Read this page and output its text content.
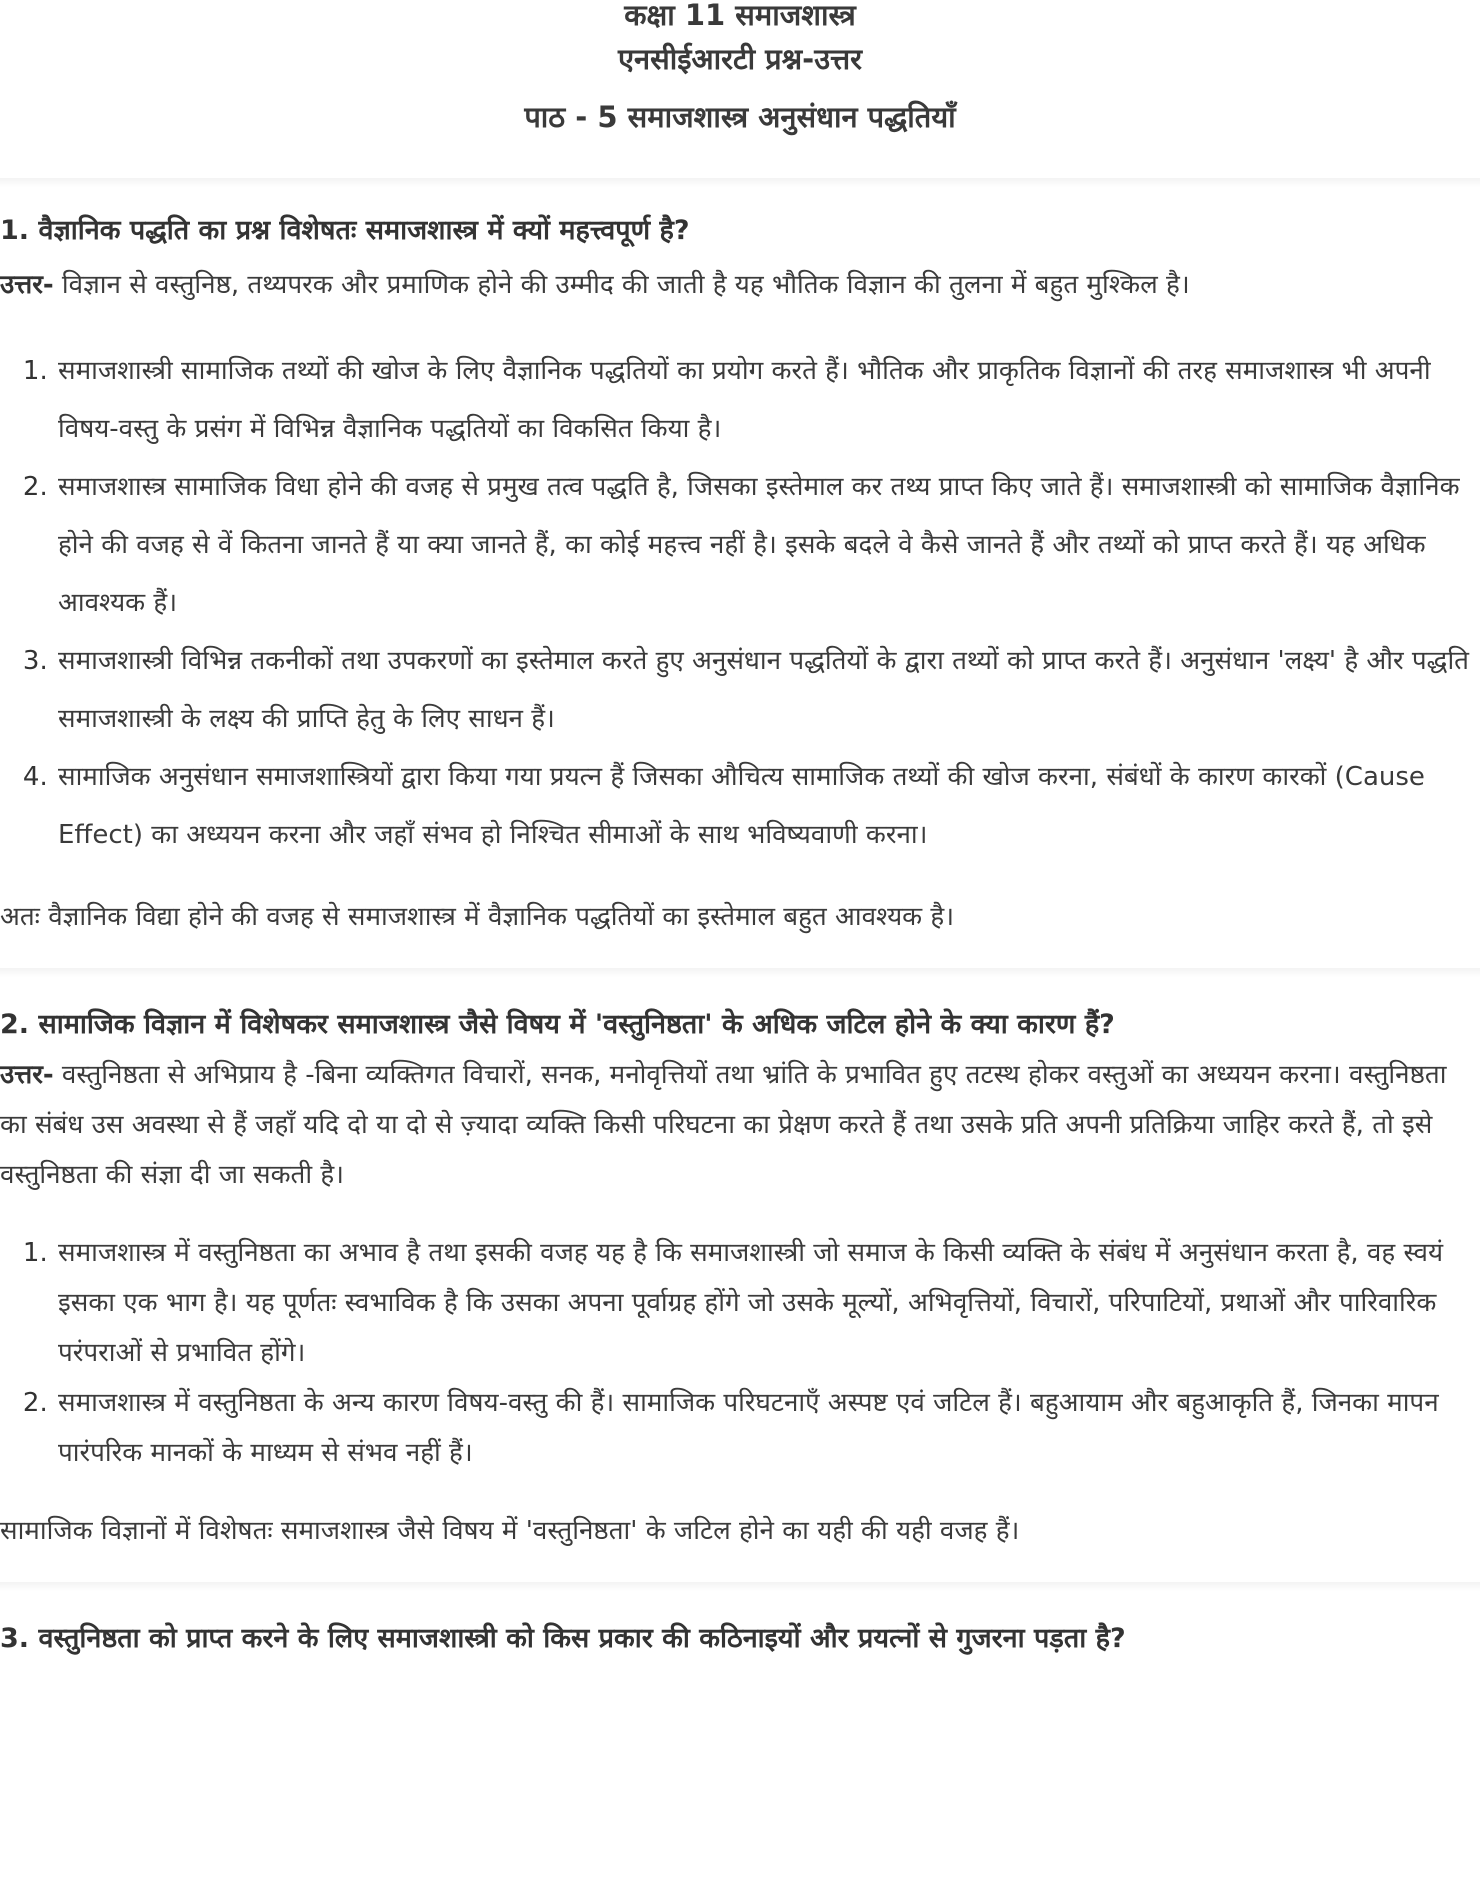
कक्षा 11 समाजशास्त्र
एनसीईआरटी प्रश्न-उत्तर
पाठ - 5 समाजशास्त्र अनुसंधान पद्धतियाँ

1. वैज्ञानिक पद्धति का प्रश्न विशेषतः समाजशास्त्र में क्यों महत्त्वपूर्ण है?

उत्तर- विज्ञान से वस्तुनिष्ठ, तथ्यपरक और प्रमाणिक होने की उम्मीद की जाती है यह भौतिक विज्ञान की तुलना में बहुत मुश्किल है।

1. समाजशास्त्री सामाजिक तथ्यों की खोज के लिए वैज्ञानिक पद्धतियों का प्रयोग करते हैं। भौतिक और प्राकृतिक विज्ञानों की तरह समाजशास्त्र भी अपनी विषय-वस्तु के प्रसंग में विभिन्न वैज्ञानिक पद्धतियों का विकसित किया है।
2. समाजशास्त्र सामाजिक विधा होने की वजह से प्रमुख तत्व पद्धति है, जिसका इस्तेमाल कर तथ्य प्राप्त किए जाते हैं। समाजशास्त्री को सामाजिक वैज्ञानिक होने की वजह से वें कितना जानते हैं या क्या जानते हैं, का कोई महत्त्व नहीं है। इसके बदले वे कैसे जानते हैं और तथ्यों को प्राप्त करते हैं। यह अधिक आवश्यक हैं।
3. समाजशास्त्री विभिन्न तकनीकों तथा उपकरणों का इस्तेमाल करते हुए अनुसंधान पद्धतियों के द्वारा तथ्यों को प्राप्त करते हैं। अनुसंधान 'लक्ष्य' है और पद्धति समाजशास्त्री के लक्ष्य की प्राप्ति हेतु के लिए साधन हैं।
4. सामाजिक अनुसंधान समाजशास्त्रियों द्वारा किया गया प्रयत्न हैं जिसका औचित्य सामाजिक तथ्यों की खोज करना, संबंधों के कारण कारकों (Cause Effect) का अध्ययन करना और जहाँ संभव हो निश्चित सीमाओं के साथ भविष्यवाणी करना।

अतः वैज्ञानिक विद्या होने की वजह से समाजशास्त्र में वैज्ञानिक पद्धतियों का इस्तेमाल बहुत आवश्यक है।

2. सामाजिक विज्ञान में विशेषकर समाजशास्त्र जैसे विषय में 'वस्तुनिष्ठता' के अधिक जटिल होने के क्या कारण हैं?

उत्तर- वस्तुनिष्ठता से अभिप्राय है -बिना व्यक्तिगत विचारों, सनक, मनोवृत्तियों तथा भ्रांति के प्रभावित हुए तटस्थ होकर वस्तुओं का अध्ययन करना। वस्तुनिष्ठता का संबंध उस अवस्था से हैं जहाँ यदि दो या दो से ज़्यादा व्यक्ति किसी परिघटना का प्रेक्षण करते हैं तथा उसके प्रति अपनी प्रतिक्रिया जाहिर करते हैं, तो इसे वस्तुनिष्ठता की संज्ञा दी जा सकती है।

1. समाजशास्त्र में वस्तुनिष्ठता का अभाव है तथा इसकी वजह यह है कि समाजशास्त्री जो समाज के किसी व्यक्ति के संबंध में अनुसंधान करता है, वह स्वयं इसका एक भाग है। यह पूर्णतः स्वभाविक है कि उसका अपना पूर्वाग्रह होंगे जो उसके मूल्यों, अभिवृत्तियों, विचारों, परिपाटियों, प्रथाओं और पारिवारिक परंपराओं से प्रभावित होंगे।
2. समाजशास्त्र में वस्तुनिष्ठता के अन्य कारण विषय-वस्तु की हैं। सामाजिक परिघटनाएँ अस्पष्ट एवं जटिल हैं। बहुआयाम और बहुआकृति हैं, जिनका मापन पारंपरिक मानकों के माध्यम से संभव नहीं हैं।

सामाजिक विज्ञानों में विशेषतः समाजशास्त्र जैसे विषय में 'वस्तुनिष्ठता' के जटिल होने का यही की यही वजह हैं।

3. वस्तुनिष्ठता को प्राप्त करने के लिए समाजशास्त्री को किस प्रकार की कठिनाइयों और प्रयत्नों से गुजरना पड़ता है?
